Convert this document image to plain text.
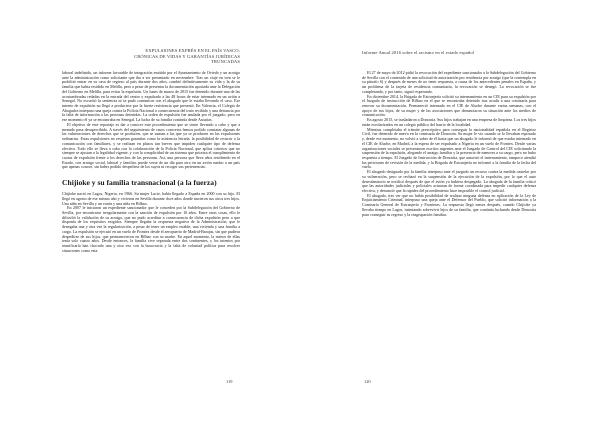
EXPULSIONES EXPRÉS EN EL PAÍS VASCO:
CRÓNICAS DE VIDAS Y GARANTÍAS JURÍDICAS TRUNCADAS

laboral indefinido, un informe favorable de integración emitido por el Ayuntamiento de Oviedo y un arraigo ante la administración como solicitante que iba a ser presentado en noviembre. Tras un viaje en tren se le prohibió entrar en su casa de regreso al país durante dos años, cambió definitivamente su vida y la de su familia que había residido en Melilla, pero a pesar de presentar la documentación aportada ante la Delegación del Gobierno en Melilla, para evitar la expulsión. Un lunes de marzo de 2015 fue detenido durante una de las acostumbradas redadas en la entrada del centro y expulsado a las 48 horas de estar internado en un avión a Senegal. No escuchó la sentencia ni se pudo comunicar con el abogado que le estaba llevando el caso. Ese intento de expulsión no llegó a producirse por la fuerte resistencia que presentó. En Valencia, el Colegio de Abogados interpuso una queja contra la Policía Nacional a consecuencia del trato recibido y una denuncia por la falta de información a las personas detenidas. La orden de expulsión fue anulada por el juzgado, pero en ese momento él ya se encontraba en Senegal. La lucha de su familia continúa desde Asturias.

El objetivo de este reportaje es dar a conocer este procedimiento que se viene llevando a cabo y que a menudo pasa desapercibido. A través del seguimiento de casos concretos hemos podido constatar algunas de las vulneraciones de derechos que se producen, que se suman a las que ya se producen en las expulsiones ordinarias. Estas expulsiones no respetan garantías como la asistencia letrada, la posibilidad de recurrir o la comunicación con familiares, y se realizan en plazos tan breves que impiden cualquier tipo de defensa efectiva. Todo ello se lleva a cabo con la colaboración de la Policía Nacional, que aplica criterios que no siempre se ajustan a la legalidad vigente, y con la complicidad de un sistema que prioriza el cumplimiento de cuotas de expulsión frente a los derechos de las personas. Así, una persona que lleva años residiendo en el Estado, con arraigo social, laboral y familiar, puede verse de un día para otro en un avión rumbo a un país que apenas conoce, sin haber podido despedirse de los suyos ni recoger sus pertenencias.

Chijioke y su familia transnacional (a la fuerza)

Chijioke nació en Lagos, Nigeria, en 1966. Su mujer Lucie, había llegado a España en 2000 con su hijo. El llegó en agosto de ese mismo año y vivieron en Sevilla durante doce años donde nacieron sus otros tres hijos. Una niña en Sevilla y un varón y una niña en Bilbao.

En 2007 le iniciaron un expediente sancionador que le conceden por la Subdelegación del Gobierno de Sevilla, por encontrarse irregularmente con la sanción de expulsión por 10 años. Entre otras cosas, ello le dificultó la validación de su arraigo, que no pudo acreditar a consecuencia de dicha expulsión pese a que disponía de los requisitos exigidos. Siempre llegaba la respuesta negativa de la Administración, que le denegaba una y otra vez la regularización, a pesar de tener un empleo estable, una vivienda y una familia a cargo. La expulsión se ejecutó en un vuelo de Frontex desde el aeropuerto de Madrid-Barajas, sin que pudiera despedirse de sus hijos, que permanecieron en Bilbao con su madre. En aquel momento, la menor de ellas tenía solo cuatro años. Desde entonces, la familia vive separada entre dos continentes, y los intentos por reunificarla han chocado una y otra vez con la burocracia y la falta de voluntad política para resolver situaciones como esta.

119
Informe Anual 2016 sobre el racismo en el estado español

El 27 de mayo de 2012 pidió la revocación del expediente sancionador a la Subdelegación del Gobierno de Sevilla con el contenido de una solicitud de autorización por residencia por arraigo (que la contempla en su párrafo 6) y después de meses de no tener respuesta, a causa de los antecedentes penales en España, y un problema de la tarjeta de residencia comunitaria, la revocación se denegó. La revocación se fue completando, y por tanto, siguió esperando.

En diciembre 2014, la Brigada de Extranjería solicitó su internamiento en un CIE para su expulsión por el Juzgado de instrucción de Bilbao en el que se encontraba detenido tras acudir a una comisaría para renovar su documentación. Permaneció internado en el CIE de Aluche durante varias semanas, con el apoyo de sus hijos, de su mujer y de las asociaciones que denunciaron su situación ante los medios de comunicación.

En agosto 2015, se trasladaron a Donostia. Sus hijos trabajan en una empresa de limpieza. Los tres hijos están escolarizados en un colegio público del barrio de la localidad.

Mientras completaba el trámite prescriptivo para conseguir la nacionalidad española en el Registro Civil, fue detenido de nuevo en la comisaría de Donostia. Su mujer le vio cuando se lo llevaban esposado y, desde ese momento, no volvió a saber de él hasta que un abogado le informó de que estaba internado en el CIE de Aluche, en Madrid, a la espera de ser expulsado a Nigeria en un vuelo de Frontex. Desde varias organizaciones sociales se presentaron escritos urgentes ante el Juzgado de Control del CIE solicitando la suspensión de la expulsión, alegando el arraigo familiar y la presencia de menores a su cargo, pero no hubo respuesta a tiempo. El Juzgado de Instrucción de Donostia, que autorizó el internamiento, tampoco atendió las peticiones de revisión de la medida, y la Brigada de Extranjería no informó a la familia de la fecha del vuelo.

El abogado designado por la familia interpuso ante el juzgado un recurso contra la medida cautelar por su vulneración, pero se rechazó en la suspensión de la ejecución de la expulsión, por lo que el auto desestimatorio se notificó después de que el avión ya hubiera despegado. La abogada de la familia criticó que las autoridades judiciales y policiales actuaran de forma coordinada para impedir cualquier defensa efectiva, y denunció que la rapidez del procedimiento hace imposible el control judicial.

El abogado, tras ver que no había posibilidad de realizar ninguna defensa en aplicación de la Ley de Enjuiciamiento Criminal, interpuso una queja ante el Defensor del Pueblo, que solicitó información a la Comisaría General de Extranjería y Fronteras. La respuesta llegó meses después, cuando Chijioke ya llevaba tiempo en Lagos, intentando sobrevivir lejos de su familia, que continúa luchando desde Donostia para conseguir su regreso y la reagrupación familiar.

120
